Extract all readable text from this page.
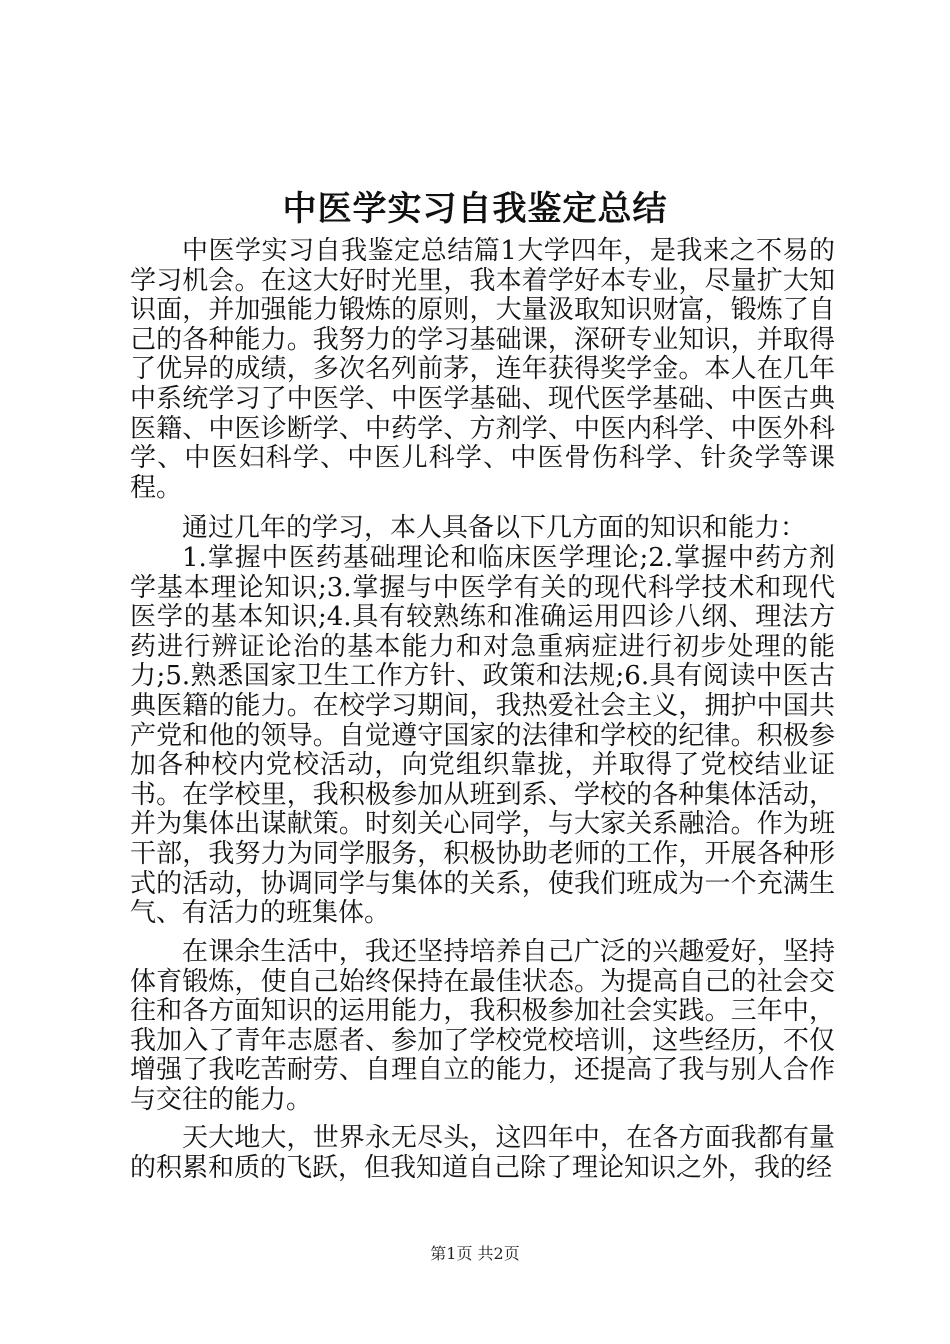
中医学实习自我鉴定总结

中医学实习自我鉴定总结篇1大学四年，是我来之不易的学习机会。在这大好时光里，我本着学好本专业，尽量扩大知识面，并加强能力锻炼的原则，大量汲取知识财富，锻炼了自己的各种能力。我努力的学习基础课，深研专业知识，并取得了优异的成绩，多次名列前茅，连年获得奖学金。本人在几年中系统学习了中医学、中医学基础、现代医学基础、中医古典医籍、中医诊断学、中药学、方剂学、中医内科学、中医外科学、中医妇科学、中医儿科学、中医骨伤科学、针灸学等课程。

通过几年的学习，本人具备以下几方面的知识和能力：

1.掌握中医药基础理论和临床医学理论;2.掌握中药方剂学基本理论知识;3.掌握与中医学有关的现代科学技术和现代医学的基本知识;4.具有较熟练和准确运用四诊八纲、理法方药进行辨证论治的基本能力和对急重病症进行初步处理的能力;5.熟悉国家卫生工作方针、政策和法规;6.具有阅读中医古典医籍的能力。在校学习期间，我热爱社会主义，拥护中国共产党和他的领导。自觉遵守国家的法律和学校的纪律。积极参加各种校内党校活动，向党组织靠拢，并取得了党校结业证书。在学校里，我积极参加从班到系、学校的各种集体活动，并为集体出谋献策。时刻关心同学，与大家关系融洽。作为班干部，我努力为同学服务，积极协助老师的工作，开展各种形式的活动，协调同学与集体的关系，使我们班成为一个充满生气、有活力的班集体。

在课余生活中，我还坚持培养自己广泛的兴趣爱好，坚持体育锻炼，使自己始终保持在最佳状态。为提高自己的社会交往和各方面知识的运用能力，我积极参加社会实践。三年中，我加入了青年志愿者、参加了学校党校培训，这些经历，不仅增强了我吃苦耐劳、自理自立的能力，还提高了我与别人合作与交往的能力。

天大地大，世界永无尽头，这四年中，在各方面我都有量的积累和质的飞跃，但我知道自己除了理论知识之外，我的经

第1页 共2页
